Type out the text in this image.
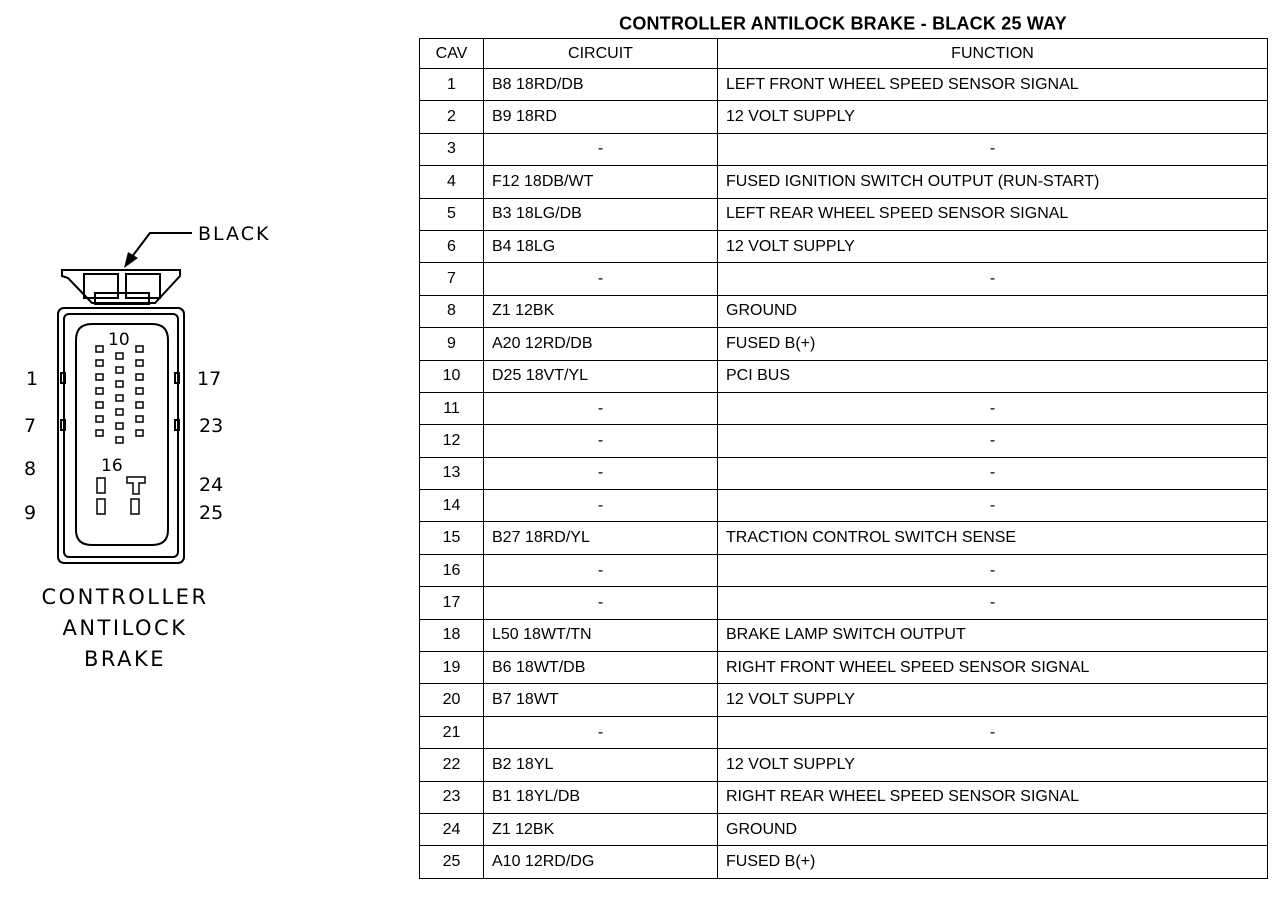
BLACK
10
16
1
7
8
9
17
23
24
25
CONTROLLER
ANTILOCK
BRAKE
CONTROLLER ANTILOCK BRAKE - BLACK 25 WAY
CAV	CIRCUIT	FUNCTION
1	B8 18RD/DB	LEFT FRONT WHEEL SPEED SENSOR SIGNAL
2	B9 18RD	12 VOLT SUPPLY
3	-	-
4	F12 18DB/WT	FUSED IGNITION SWITCH OUTPUT (RUN-START)
5	B3 18LG/DB	LEFT REAR WHEEL SPEED SENSOR SIGNAL
6	B4 18LG	12 VOLT SUPPLY
7	-	-
8	Z1 12BK	GROUND
9	A20 12RD/DB	FUSED B(+)
10	D25 18VT/YL	PCI BUS
11	-	-
12	-	-
13	-	-
14	-	-
15	B27 18RD/YL	TRACTION CONTROL SWITCH SENSE
16	-	-
17	-	-
18	L50 18WT/TN	BRAKE LAMP SWITCH OUTPUT
19	B6 18WT/DB	RIGHT FRONT WHEEL SPEED SENSOR SIGNAL
20	B7 18WT	12 VOLT SUPPLY
21	-	-
22	B2 18YL	12 VOLT SUPPLY
23	B1 18YL/DB	RIGHT REAR WHEEL SPEED SENSOR SIGNAL
24	Z1 12BK	GROUND
25	A10 12RD/DG	FUSED B(+)
